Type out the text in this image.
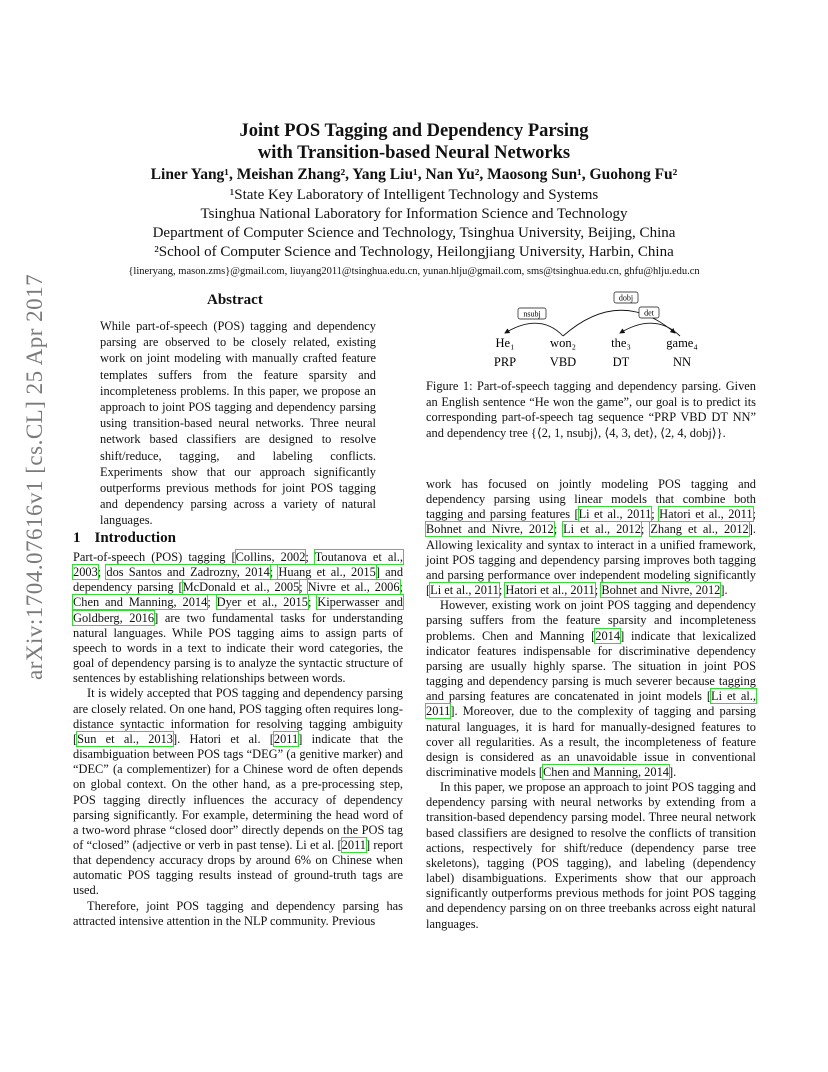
arXiv:1704.07616v1 [cs.CL] 25 Apr 2017
Joint POS Tagging and Dependency Parsing
with Transition-based Neural Networks
Liner Yang¹, Meishan Zhang², Yang Liu¹, Nan Yu², Maosong Sun¹, Guohong Fu²
¹State Key Laboratory of Intelligent Technology and Systems
Tsinghua National Laboratory for Information Science and Technology
Department of Computer Science and Technology, Tsinghua University, Beijing, China
²School of Computer Science and Technology, Heilongjiang University, Harbin, China
{lineryang, mason.zms}@gmail.com, liuyang2011@tsinghua.edu.cn, yunan.hlju@gmail.com, sms@tsinghua.edu.cn, ghfu@hlju.edu.cn
Abstract
While part-of-speech (POS) tagging and dependency parsing are observed to be closely related, existing work on joint modeling with manually crafted feature templates suffers from the feature sparsity and incompleteness problems. In this paper, we propose an approach to joint POS tagging and dependency parsing using transition-based neural networks. Three neural network based classifiers are designed to resolve shift/reduce, tagging, and labeling conflicts. Experiments show that our approach significantly outperforms previous methods for joint POS tagging and dependency parsing across a variety of natural languages.
1 Introduction

Part-of-speech (POS) tagging [Collins, 2002; Toutanova et al., 2003; dos Santos and Zadrozny, 2014; Huang et al., 2015] and dependency parsing [McDonald et al., 2005; Nivre et al., 2006; Chen and Manning, 2014; Dyer et al., 2015; Kiperwasser and Goldberg, 2016] are two fundamental tasks for understanding natural languages. While POS tagging aims to assign parts of speech to words in a text to indicate their word categories, the goal of dependency parsing is to analyze the syntactic structure of sentences by establishing relationships between words.

It is widely accepted that POS tagging and dependency parsing are closely related. On one hand, POS tagging often requires long-distance syntactic information for resolving tagging ambiguity [Sun et al., 2013]. Hatori et al. [2011] indicate that the disambiguation between POS tags “DEG” (a genitive marker) and “DEC” (a complementizer) for a Chinese word de often depends on global context. On the other hand, as a pre-processing step, POS tagging directly influences the accuracy of dependency parsing significantly. For example, determining the head word of a two-word phrase “closed door” directly depends on the POS tag of “closed” (adjective or verb in past tense). Li et al. [2011] report that dependency accuracy drops by around 6% on Chinese when automatic POS tagging results instead of ground-truth tags are used.

Therefore, joint POS tagging and dependency parsing has attracted intensive attention in the NLP community. Previous

nsubj
dobj
det
He₁	won₂	the₃	game₄
PRP	VBD	DT	NN
Figure 1: Part-of-speech tagging and dependency parsing. Given an English sentence “He won the game”, our goal is to predict its corresponding part-of-speech tag sequence “PRP VBD DT NN” and dependency tree {⟨2, 1, nsubj⟩, ⟨4, 3, det⟩, ⟨2, 4, dobj⟩}.

work has focused on jointly modeling POS tagging and dependency parsing using linear models that combine both tagging and parsing features [Li et al., 2011; Hatori et al., 2011; Bohnet and Nivre, 2012; Li et al., 2012; Zhang et al., 2012]. Allowing lexicality and syntax to interact in a unified framework, joint POS tagging and dependency parsing improves both tagging and parsing performance over independent modeling significantly [Li et al., 2011; Hatori et al., 2011; Bohnet and Nivre, 2012].

However, existing work on joint POS tagging and dependency parsing suffers from the feature sparsity and incompleteness problems. Chen and Manning [2014] indicate that lexicalized indicator features indispensable for discriminative dependency parsing are usually highly sparse. The situation in joint POS tagging and dependency parsing is much severer because tagging and parsing features are concatenated in joint models [Li et al., 2011]. Moreover, due to the complexity of tagging and parsing natural languages, it is hard for manually-designed features to cover all regularities. As a result, the incompleteness of feature design is considered as an unavoidable issue in conventional discriminative models [Chen and Manning, 2014].

In this paper, we propose an approach to joint POS tagging and dependency parsing with neural networks by extending from a transition-based dependency parsing model. Three neural network based classifiers are designed to resolve the conflicts of transition actions, respectively for shift/reduce (dependency parse tree skeletons), tagging (POS tagging), and labeling (dependency label) disambiguations. Experiments show that our approach significantly outperforms previous methods for joint POS tagging and dependency parsing on on three treebanks across eight natural languages.
